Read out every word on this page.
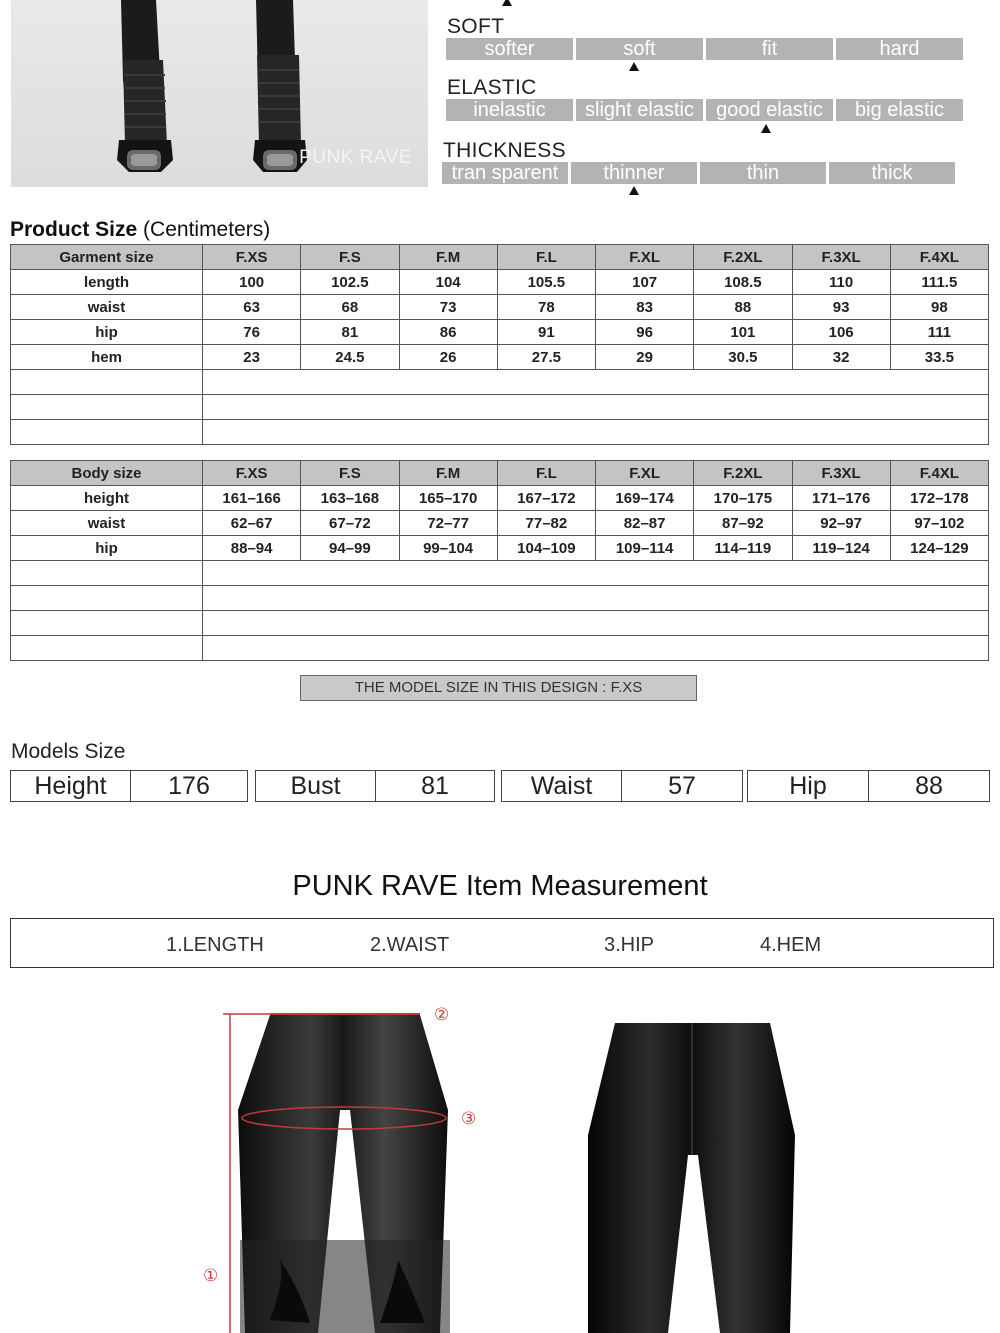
PUNK RAVE
SOFT
softer	soft	fit	hard
ELASTIC
inelastic	slight elastic	good elastic	big elastic
THICKNESS
tran sparent	thinner	thin	thick
Product Size (Centimeters)
Garment size	F.XS	F.S	F.M	F.L	F.XL	F.2XL	F.3XL	F.4XL
length	100	102.5	104	105.5	107	108.5	110	111.5
waist	63	68	73	78	83	88	93	98
hip	76	81	86	91	96	101	106	111
hem	23	24.5	26	27.5	29	30.5	32	33.5

Body size	F.XS	F.S	F.M	F.L	F.XL	F.2XL	F.3XL	F.4XL
height	161–166	163–168	165–170	167–172	169–174	170–175	171–176	172–178
waist	62–67	67–72	72–77	77–82	82–87	87–92	92–97	97–102
hip	88–94	94–99	99–104	104–109	109–114	114–119	119–124	124–129

THE MODEL SIZE IN THIS DESIGN : F.XS
Models Size
Height	176	Bust	81	Waist	57	Hip	88
PUNK RAVE Item Measurement
1.LENGTH	2.WAIST	3.HIP	4.HEM
②
③
①
